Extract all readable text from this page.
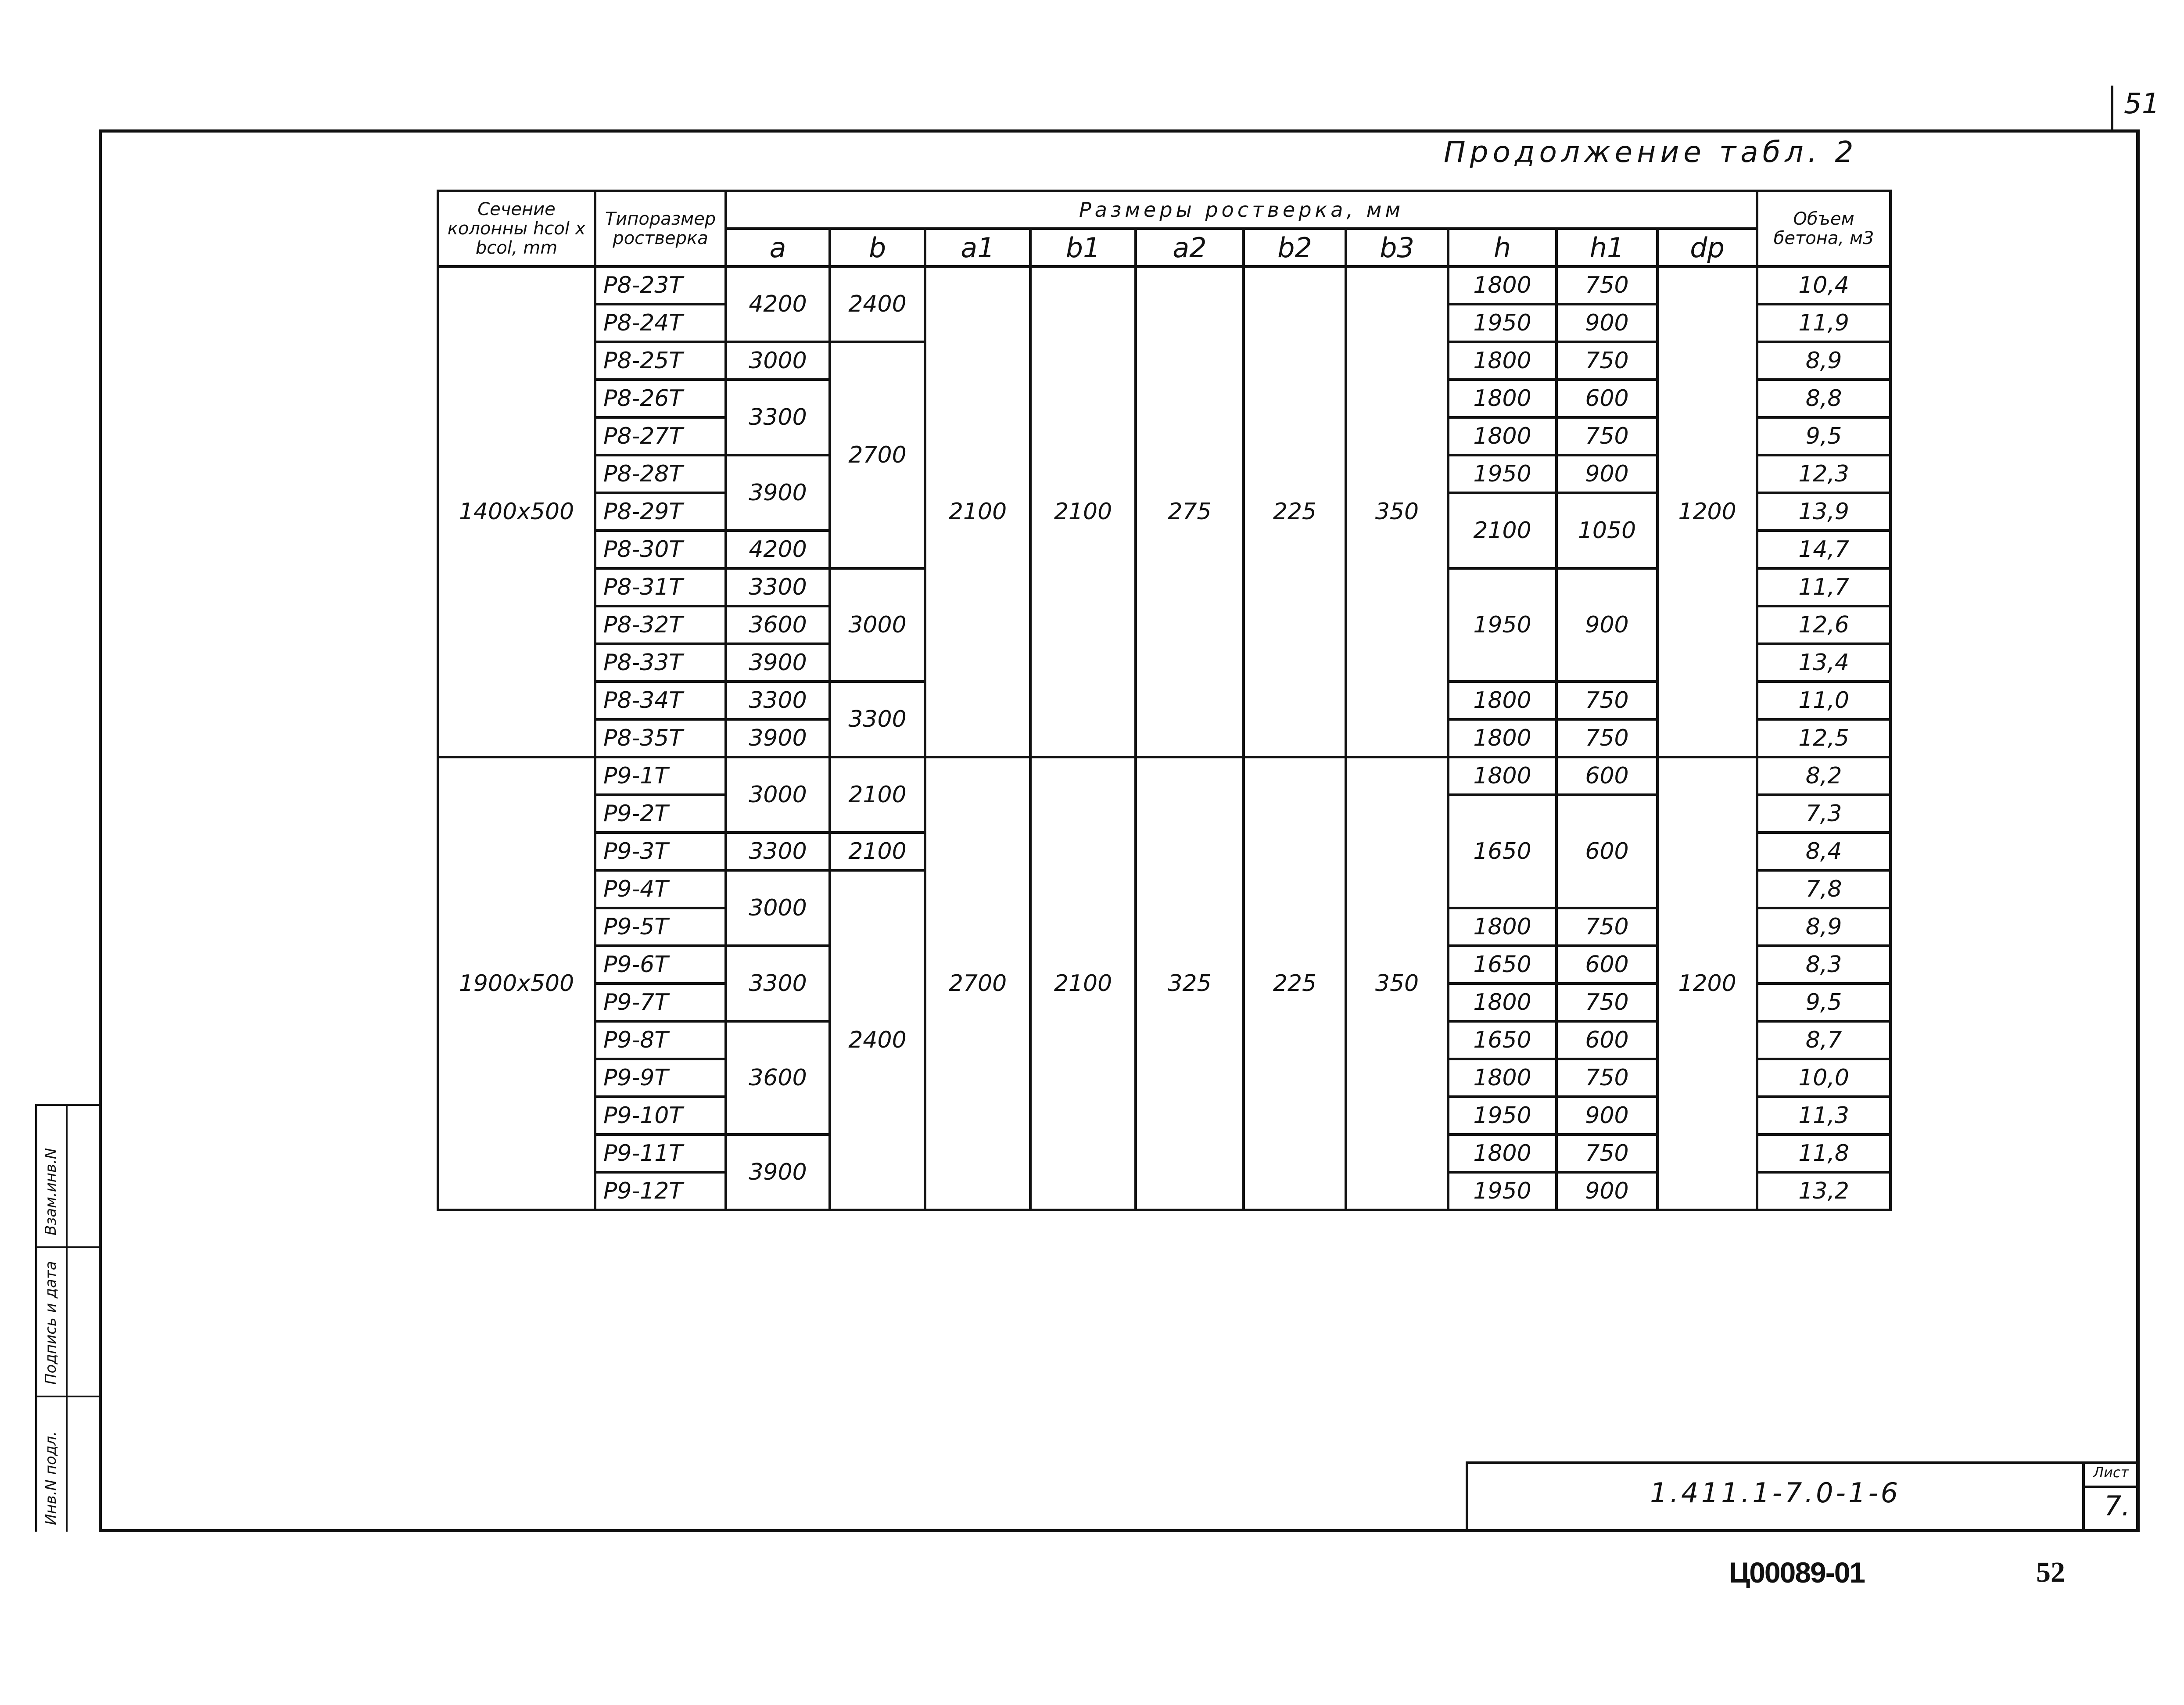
51
Продолжение табл. 2
Сечение колонны hcol x bcol, mm	Типоразмер ростверка	Размеры ростверка, мм										Объем бетона, м3
		a	b	a1	b1	a2	b2	b3	h	h1	dp	
1400x500	Р8-23Т	4200	2400	2100	2100	275	225	350	1800	750	1200	10,4
	Р8-24Т								1950	900		11,9
	Р8-25Т	3000	2700						1800	750		8,9
	Р8-26Т	3300							1800	600		8,8
	Р8-27Т								1800	750		9,5
	Р8-28Т	3900							1950	900		12,3
	Р8-29Т								2100	1050		13,9
	Р8-30Т	4200										14,7
	Р8-31Т	3300	3000						1950	900		11,7
	Р8-32Т	3600										12,6
	Р8-33Т	3900										13,4
	Р8-34Т	3300	3300						1800	750		11,0
	Р8-35Т	3900							1800	750		12,5
1900x500	Р9-1Т	3000	2100	2700	2100	325	225	350	1800	600	1200	8,2
	Р9-2Т								1650	600		7,3
	Р9-3Т	3300	2100									8,4
	Р9-4Т	3000	2400									7,8
	Р9-5Т								1800	750		8,9
	Р9-6Т	3300							1650	600		8,3
	Р9-7Т								1800	750		9,5
	Р9-8Т	3600							1650	600		8,7
	Р9-9Т								1800	750		10,0
	Р9-10Т								1950	900		11,3
	Р9-11Т	3900							1800	750		11,8
	Р9-12Т								1950	900		13,2
Взам.инв.N
Подпись и дата
Инв.N подл.	1.411.1-7.0-1-6
Лист
7.
Ц00089-01	52
